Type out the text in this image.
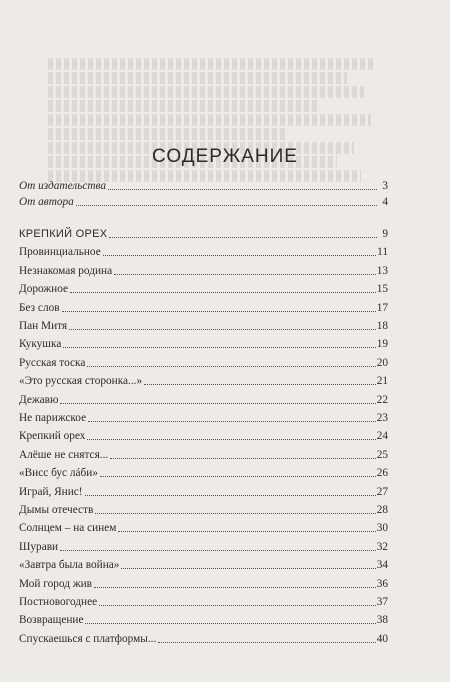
СОДЕРЖАНИЕ
От издательства	3
От автора	4
КРЕПКИЙ ОРЕХ	9
Провинциальное	11
Незнакомая родина	13
Дорожное	15
Без слов	17
Пан Митя	18
Кукушка	19
Русская тоска	20
«Это русская сторонка...»	21
Дежавю	22
Не парижское	23
Крепкий орех	24
Алёше не снятся...	25
«Висс бус лáби»	26
Играй, Янис!	27
Дымы отечеств	28
Солнцем – на синем	30
Шурави	32
«Завтра была война»	34
Мой город жив	36
Постновогоднее	37
Возвращение	38
Спускаешься с платформы...	40
